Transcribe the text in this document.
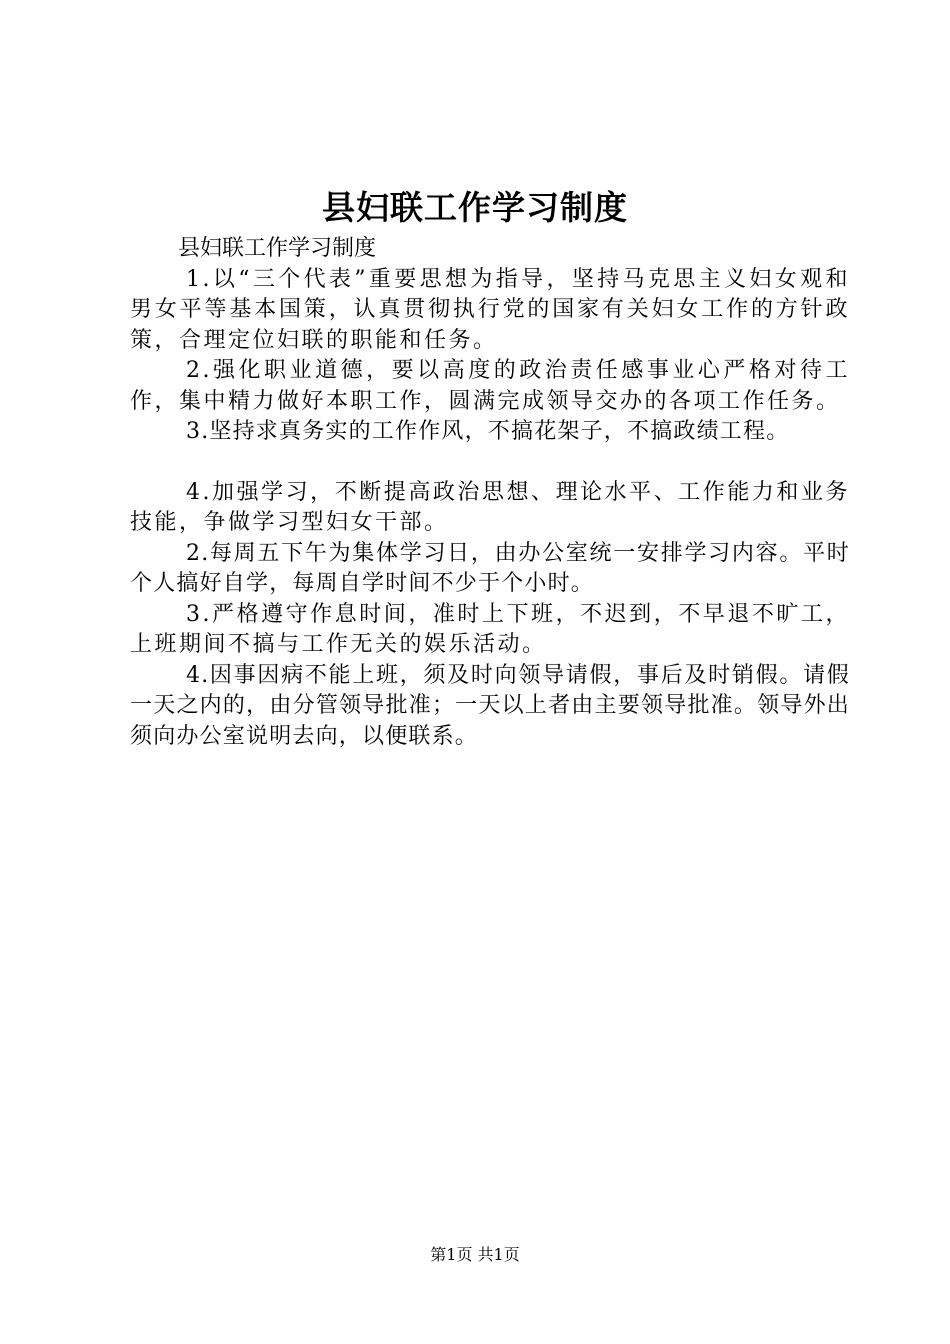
县妇联工作学习制度

县妇联工作学习制度

1.以“三个代表”重要思想为指导，坚持马克思主义妇女观和男女平等基本国策，认真贯彻执行党的国家有关妇女工作的方针政策，合理定位妇联的职能和任务。

2.强化职业道德，要以高度的政治责任感事业心严格对待工作，集中精力做好本职工作，圆满完成领导交办的各项工作任务。

3.坚持求真务实的工作作风，不搞花架子，不搞政绩工程。

4.加强学习，不断提高政治思想、理论水平、工作能力和业务技能，争做学习型妇女干部。

2.每周五下午为集体学习日，由办公室统一安排学习内容。平时个人搞好自学，每周自学时间不少于个小时。

3.严格遵守作息时间，准时上下班，不迟到，不早退不旷工，上班期间不搞与工作无关的娱乐活动。

4.因事因病不能上班，须及时向领导请假，事后及时销假。请假一天之内的，由分管领导批准；一天以上者由主要领导批准。领导外出须向办公室说明去向，以便联系。

第1页 共1页
